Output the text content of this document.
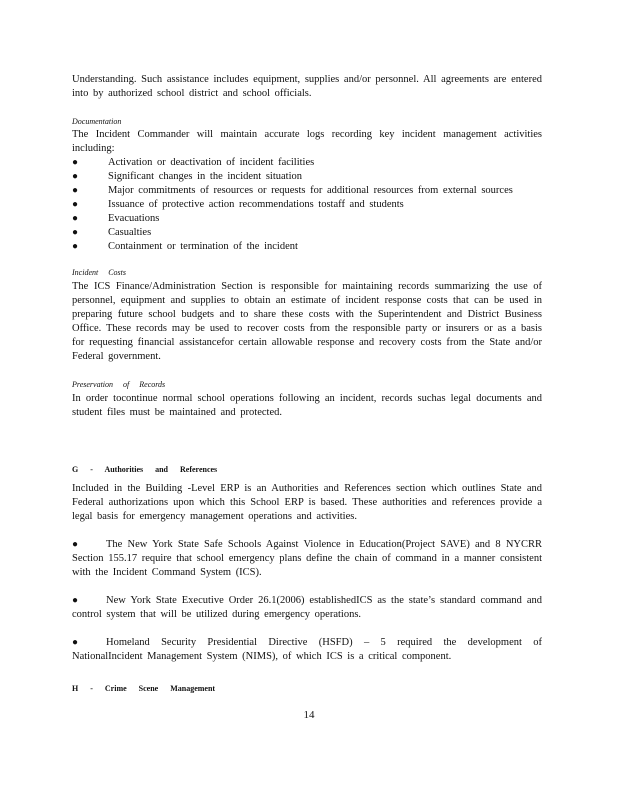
Understanding. Such assistance includes equipment, supplies and/or personnel. All agreements are entered into by authorized school district and school officials.

Documentation

The Incident Commander will maintain accurate logs recording key incident management activities including:

●	Activation or deactivation of incident facilities
●	Significant changes in the incident situation
●	Major commitments of resources or requests for additional resources from external sources
●	Issuance of protective action recommendations tostaff and students
●	Evacuations
●	Casualties
●	Containment or termination of the incident
Incident Costs

The ICS Finance/Administration Section is responsible for maintaining records summarizing the use of personnel, equipment and supplies to obtain an estimate of incident response costs that can be used in preparing future school budgets and to share these costs with the Superintendent and District Business Office. These records may be used to recover costs from the responsible party or insurers or as a basis for requesting financial assistancefor certain allowable response and recovery costs from the State and/or Federal government.

Preservation of Records

In order tocontinue normal school operations following an incident, records suchas legal documents and student files must be maintained and protected.

G - Authorities and References

Included in the Building -Level ERP is an Authorities and References section which outlines State and Federal authorizations upon which this School ERP is based. These authorities and references provide a legal basis for emergency management operations and activities.

●	The New York State Safe Schools Against Violence in Education(Project SAVE) and 8 NYCRR Section 155.17 require that school emergency plans define the chain of command in a manner consistent with the Incident Command System (ICS).
●	New York State Executive Order 26.1(2006) establishedICS as the state’s standard command and control system that will be utilized during emergency operations.
●	Homeland Security Presidential Directive (HSFD) – 5 required the development of NationalIncident Management System (NIMS), of which ICS is a critical component.
H - Crime Scene Management
14
